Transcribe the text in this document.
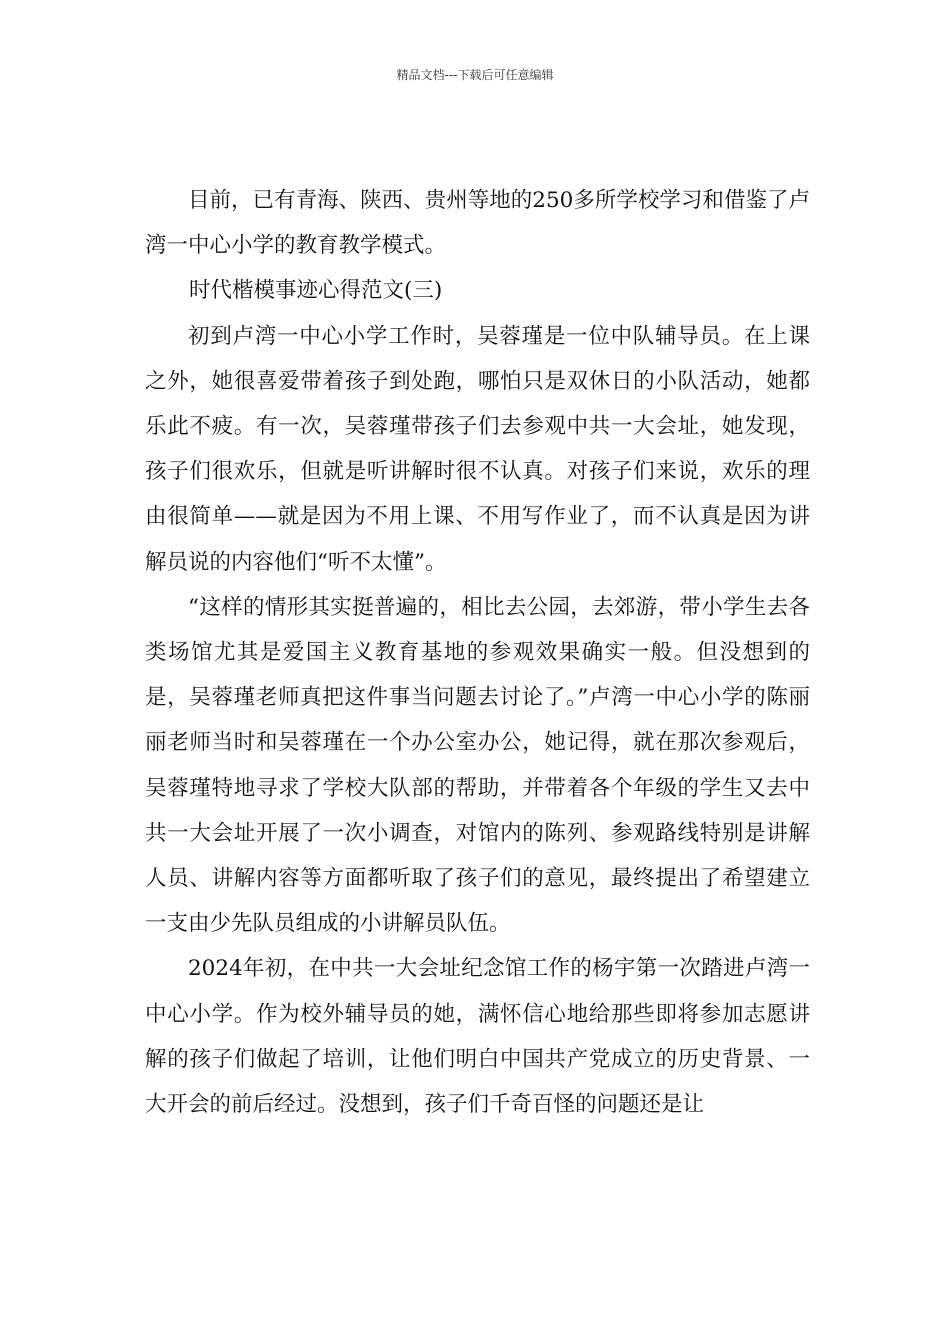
精品文档---下载后可任意编辑

目前，已有青海、陕西、贵州等地的250多所学校学习和借鉴了卢湾一中心小学的教育教学模式。

时代楷模事迹心得范文(三)

初到卢湾一中心小学工作时，吴蓉瑾是一位中队辅导员。在上课之外，她很喜爱带着孩子到处跑，哪怕只是双休日的小队活动，她都乐此不疲。有一次，吴蓉瑾带孩子们去参观中共一大会址，她发现，孩子们很欢乐，但就是听讲解时很不认真。对孩子们来说，欢乐的理由很简单——就是因为不用上课、不用写作业了，而不认真是因为讲解员说的内容他们“听不太懂”。

“这样的情形其实挺普遍的，相比去公园，去郊游，带小学生去各类场馆尤其是爱国主义教育基地的参观效果确实一般。但没想到的是，吴蓉瑾老师真把这件事当问题去讨论了。”卢湾一中心小学的陈丽丽老师当时和吴蓉瑾在一个办公室办公，她记得，就在那次参观后，吴蓉瑾特地寻求了学校大队部的帮助，并带着各个年级的学生又去中共一大会址开展了一次小调查，对馆内的陈列、参观路线特别是讲解人员、讲解内容等方面都听取了孩子们的意见，最终提出了希望建立一支由少先队员组成的小讲解员队伍。

2024年初，在中共一大会址纪念馆工作的杨宇第一次踏进卢湾一中心小学。作为校外辅导员的她，满怀信心地给那些即将参加志愿讲解的孩子们做起了培训，让他们明白中国共产党成立的历史背景、一大开会的前后经过。没想到，孩子们千奇百怪的问题还是让
